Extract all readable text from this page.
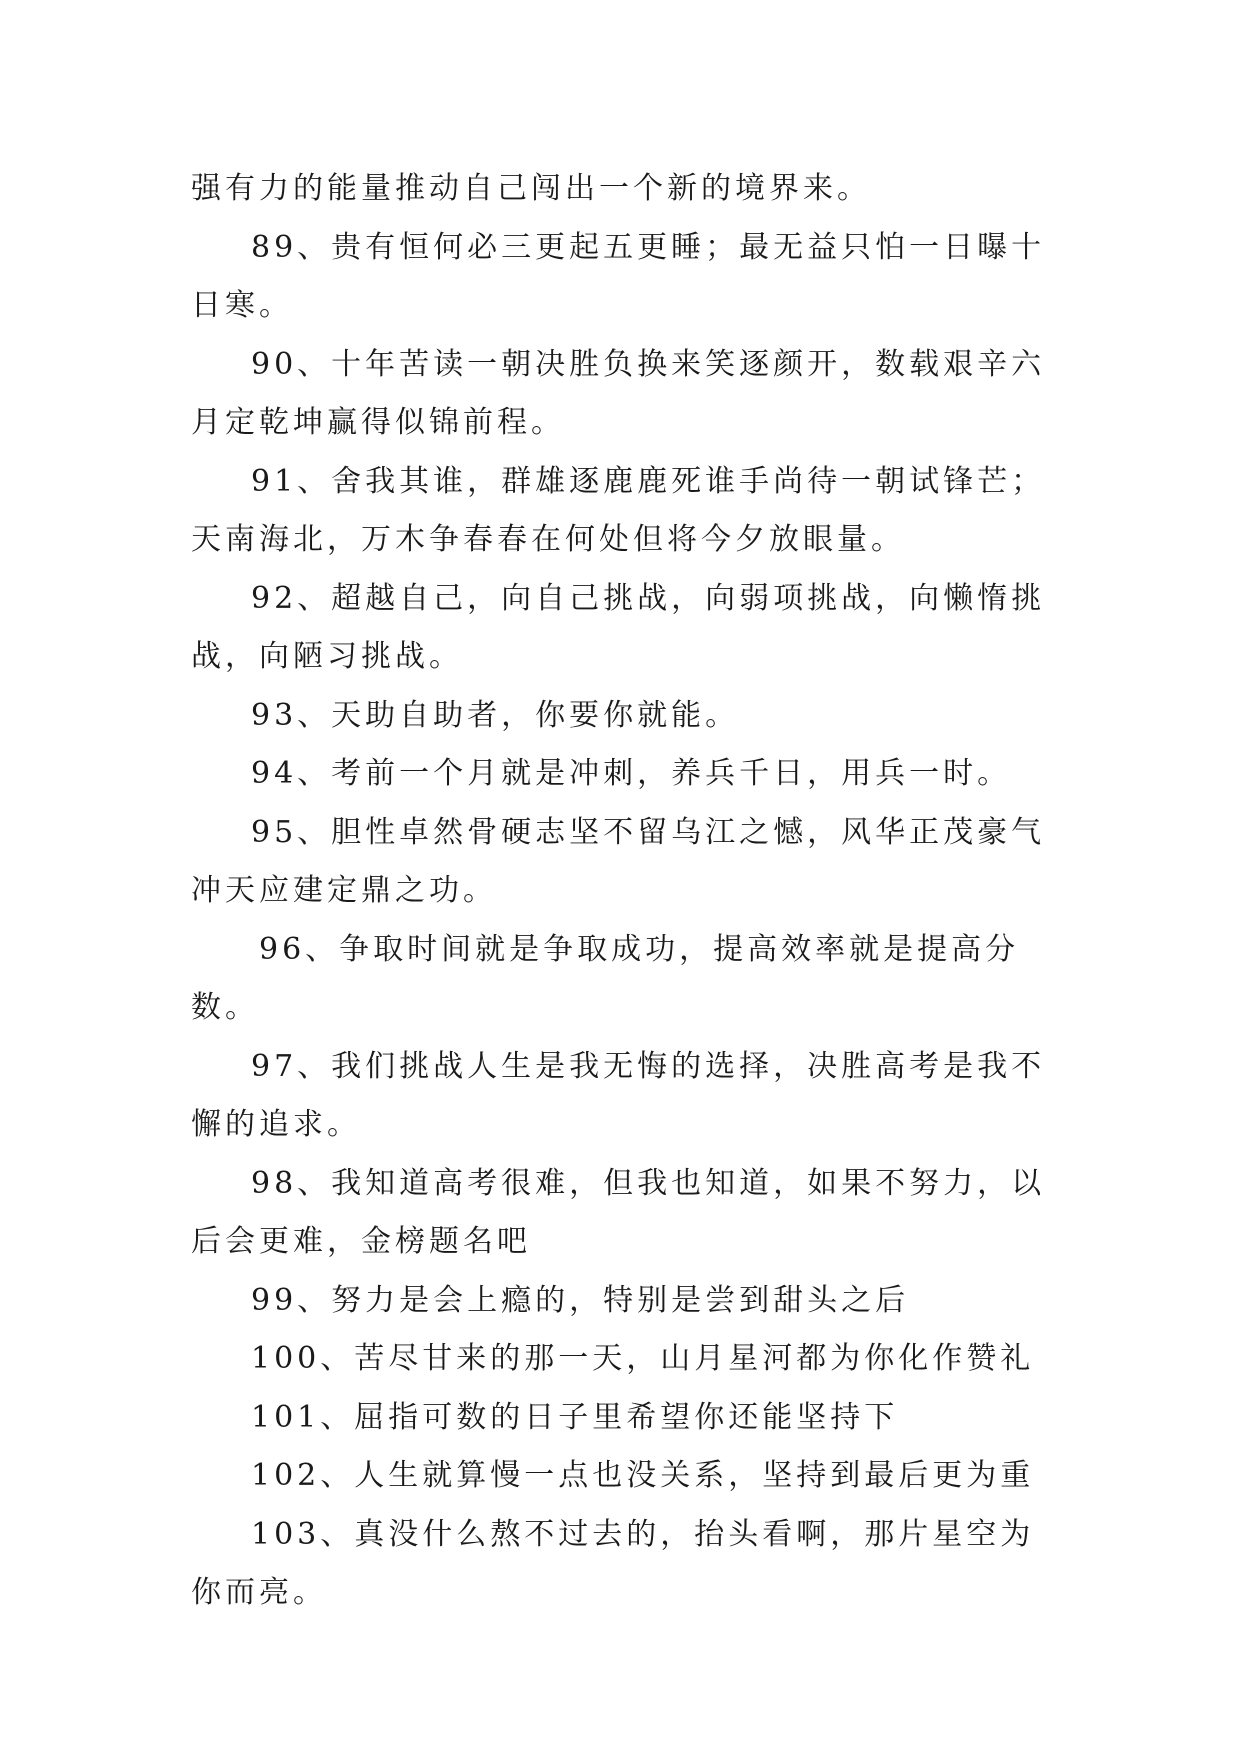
强有力的能量推动自己闯出一个新的境界来。

89、贵有恒何必三更起五更睡；最无益只怕一日曝十日寒。

90、十年苦读一朝决胜负换来笑逐颜开，数载艰辛六月定乾坤赢得似锦前程。

91、舍我其谁，群雄逐鹿鹿死谁手尚待一朝试锋芒；天南海北，万木争春春在何处但将今夕放眼量。

92、超越自己，向自己挑战，向弱项挑战，向懒惰挑战，向陋习挑战。

93、天助自助者，你要你就能。

94、考前一个月就是冲刺，养兵千日，用兵一时。

95、胆性卓然骨硬志坚不留乌江之憾，风华正茂豪气冲天应建定鼎之功。

96、争取时间就是争取成功，提高效率就是提高分数。

97、我们挑战人生是我无悔的选择，决胜高考是我不懈的追求。

98、我知道高考很难，但我也知道，如果不努力，以后会更难，金榜题名吧

99、努力是会上瘾的，特别是尝到甜头之后

100、苦尽甘来的那一天，山月星河都为你化作赞礼

101、屈指可数的日子里希望你还能坚持下

102、人生就算慢一点也没关系，坚持到最后更为重

103、真没什么熬不过去的，抬头看啊，那片星空为你而亮。
